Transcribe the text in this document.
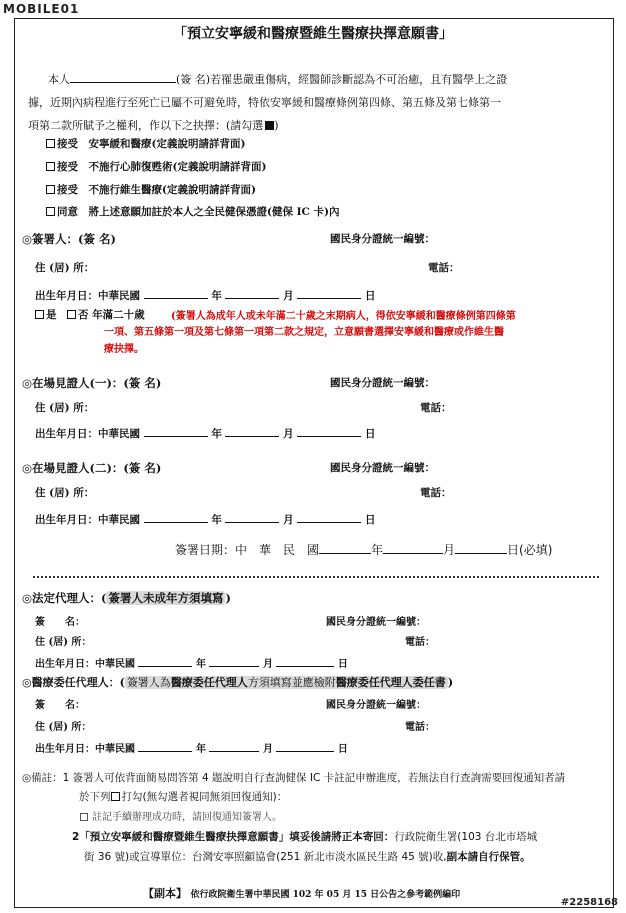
MOBILE01
「預立安寧緩和醫療暨維生醫療抉擇意願書」
本人	(簽 名)若罹患嚴重傷病，經醫師診斷認為不可治癒，且有醫學上之證
據，近期內病程進行至死亡已屬不可避免時，特依安寧緩和醫療條例第四條、第五條及第七條第一
項第二款所賦予之權利，作以下之抉擇：(請勾選 )
接受　 安寧緩和醫療(定義說明請詳背面)
接受　 不施行心肺復甦術(定義說明請詳背面)
接受　 不施行維生醫療(定義說明請詳背面)
同意　 將上述意願加註於本人之全民健保憑證(健保 IC 卡)內
◎簽署人：(簽 名)	國民身分證統一編號：
住 (居) 所：	電話：
出生年月日：中華民國	年	月	日
是　 否 年滿二十歲	(簽署人為成年人或未年滿二十歲之末期病人，得依安寧緩和醫療條例第四條第
一項、第五條第一項及第七條第一項第二款之規定，立意願書選擇安寧緩和醫療或作維生醫
療抉擇。
◎在場見證人(一)：(簽 名)	國民身分證統一編號：
住 (居) 所：	電話：
出生年月日：中華民國	年	月	日
◎在場見證人(二)：(簽 名)	國民身分證統一編號：
住 (居) 所：	電話：
出生年月日：中華民國	年	月	日
簽署日期：中　華　民　國	年	月	日(必填)
◎法定代理人：( 簽署人未成年方須填寫 )
簽　　名：	國民身分證統一編號：
住 (居) 所：	電話：
出生年月日：中華民國	年	月	日
◎醫療委任代理人：( 簽署人為醫療委任代理人方須填寫並應檢附醫療委任代理人委任書 )
簽　　名：	國民身分證統一編號：
住 (居) 所：	電話：
出生年月日：中華民國	年	月	日
◎備註：1 簽署人可依背面簡易問答第 4 題說明自行查詢健保 IC 卡註記申辦進度，若無法自行查詢需要回復通知者請
於下列 打勾(無勾選者視同無須回復通知)：
註記手續辦理成功時，請回復通知簽署人。
2「預立安寧緩和醫療暨維生醫療抉擇意願書」填妥後請將正本寄回：行政院衛生署(103 台北市塔城
街 36 號)或宣導單位：台灣安寧照顧協會(251 新北市淡水區民生路 45 號)收,副本請自行保管。
【副本】 依行政院衛生署中華民國 102 年 05 月 15 日公告之參考範例編印
#2258168
